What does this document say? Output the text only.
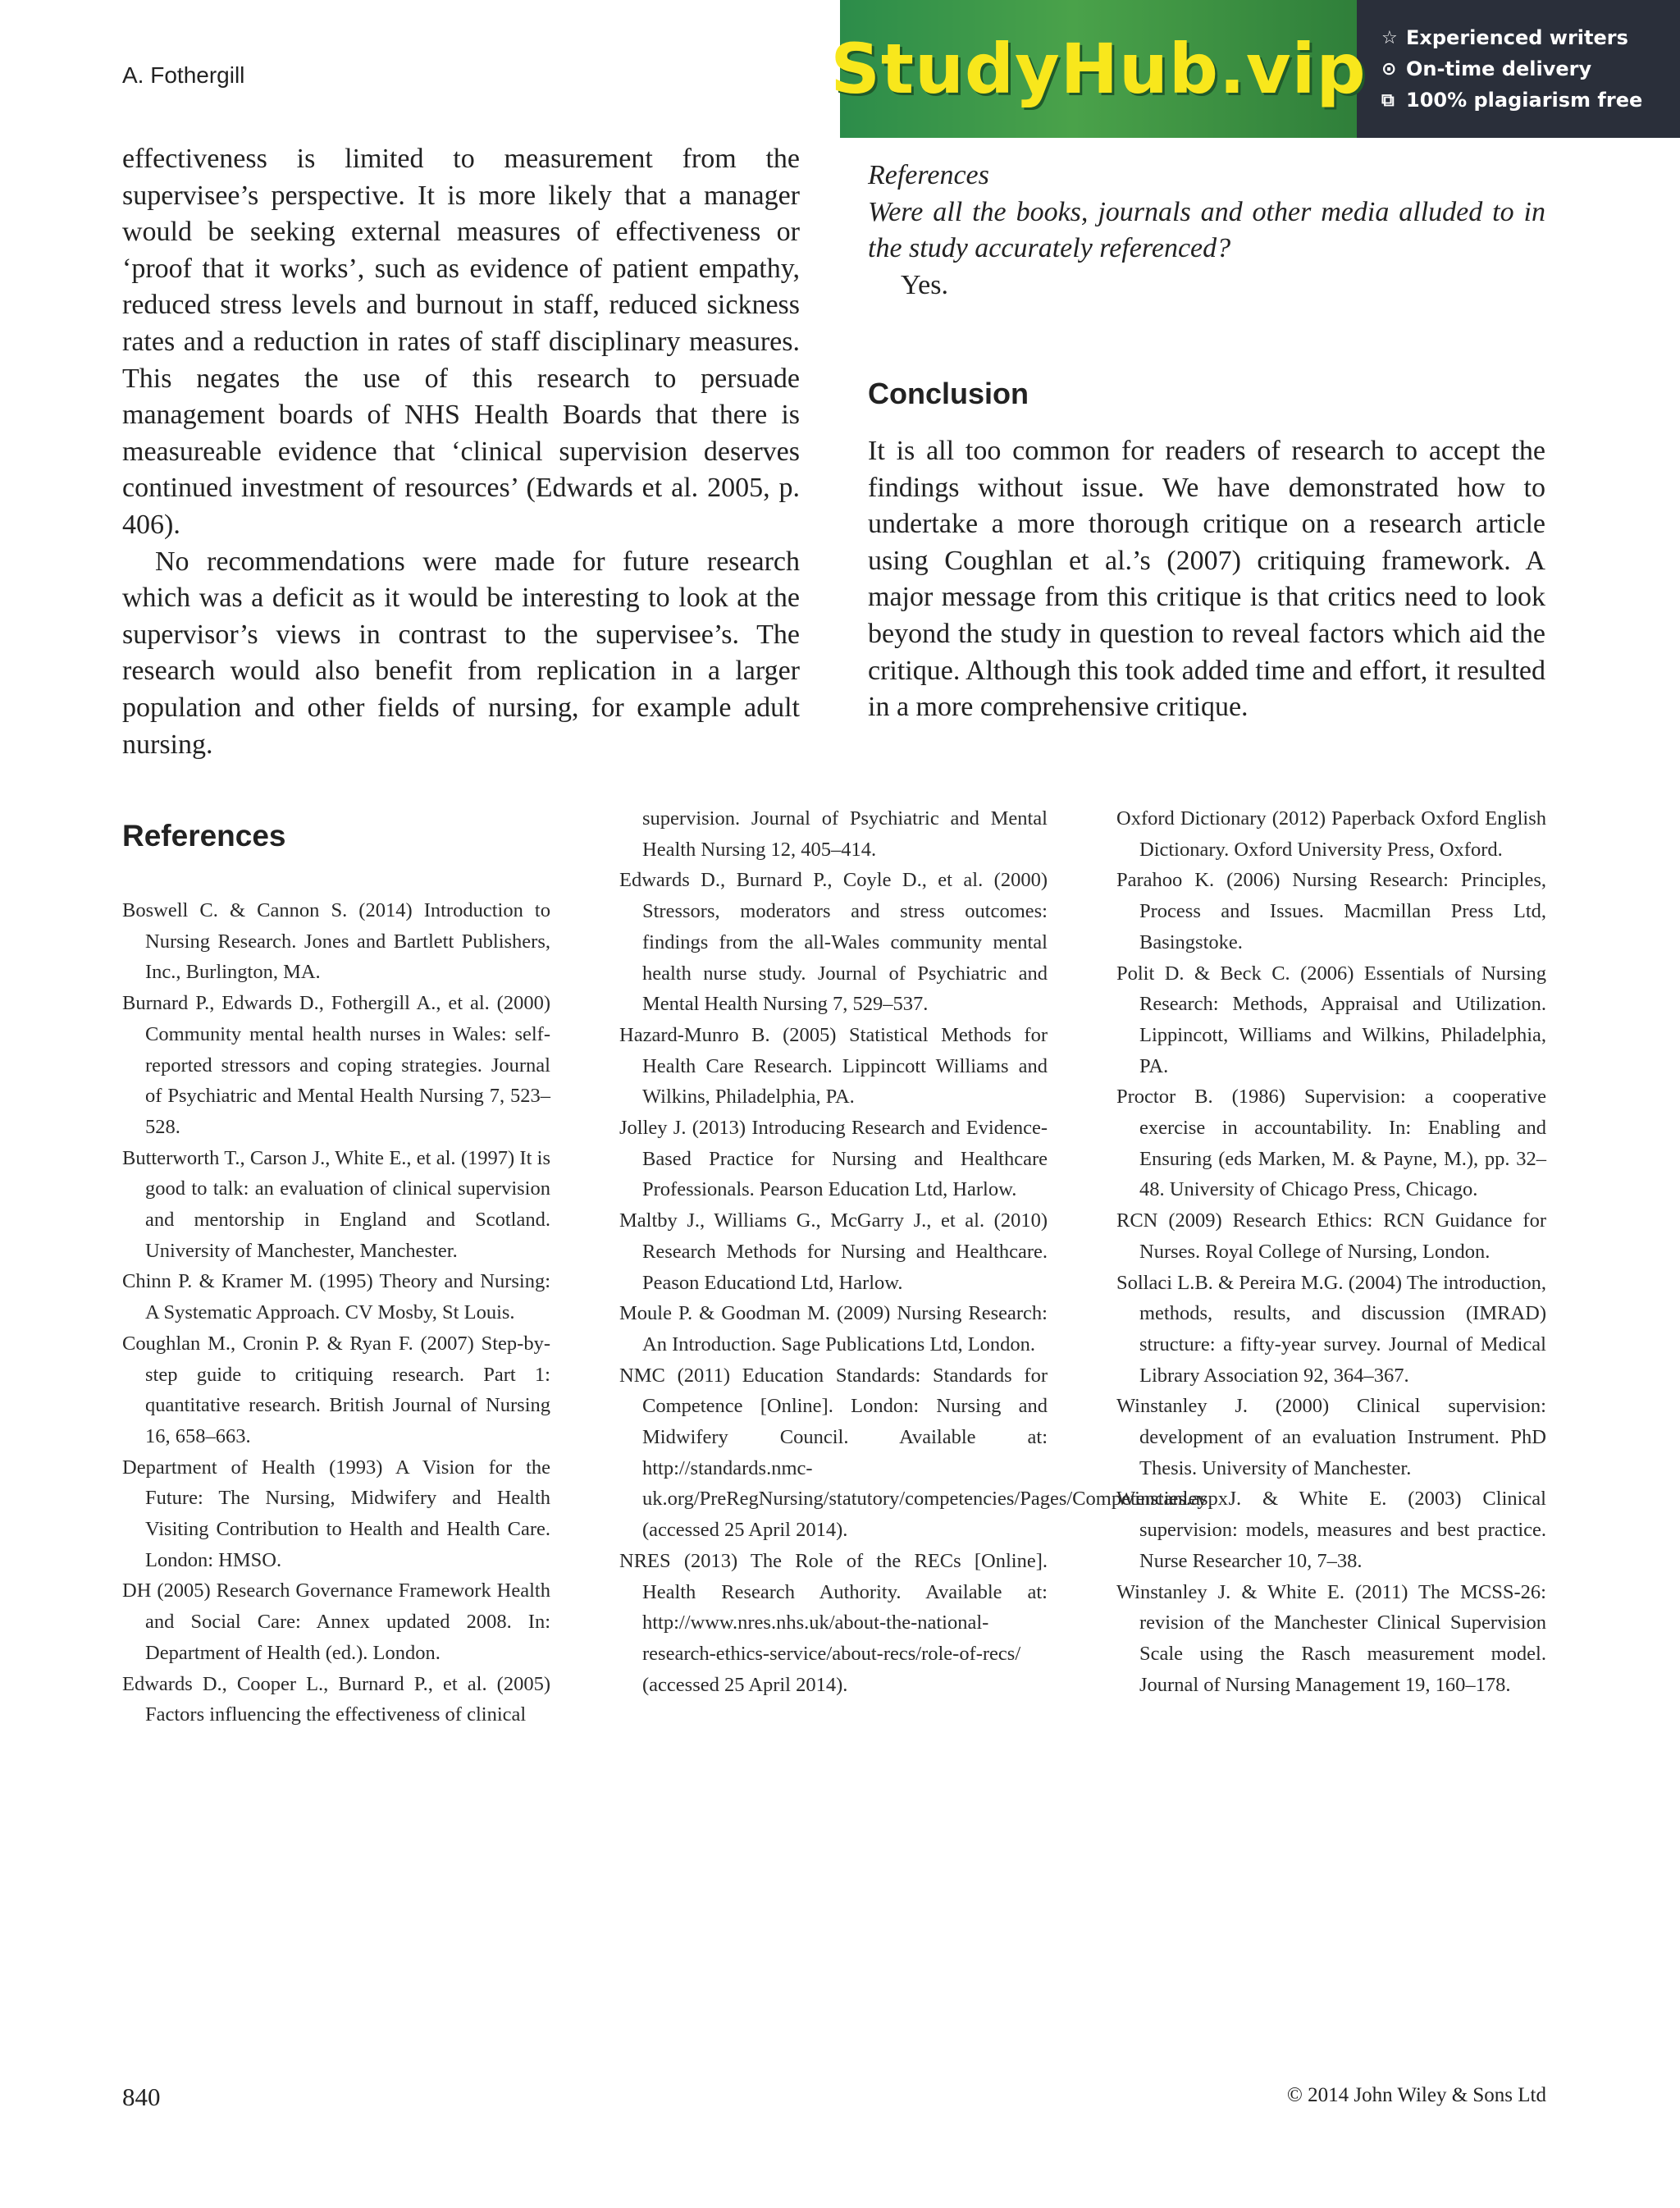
A. Fothergill	StudyHub.vip ☆ Experienced writers
⊙ On-time delivery
⧉ 100% plagiarism free

effectiveness is limited to measurement from the supervisee’s perspective. It is more likely that a manager would be seeking external measures of effectiveness or ‘proof that it works’, such as evidence of patient empathy, reduced stress levels and burnout in staff, reduced sickness rates and a reduction in rates of staff disciplinary measures. This negates the use of this research to persuade management boards of NHS Health Boards that there is measureable evidence that ‘clinical supervision deserves continued investment of resources’ (Edwards et al. 2005, p. 406).

No recommendations were made for future research which was a deficit as it would be interesting to look at the supervisor’s views in contrast to the supervisee’s. The research would also benefit from replication in a larger population and other fields of nursing, for example adult nursing.

References

Were all the books, journals and other media alluded to in the study accurately referenced?

Yes.

Conclusion

It is all too common for readers of research to accept the findings without issue. We have demonstrated how to undertake a more thorough critique on a research article using Coughlan et al.’s (2007) critiquing framework. A major message from this critique is that critics need to look beyond the study in question to reveal factors which aid the critique. Although this took added time and effort, it resulted in a more comprehensive critique.

References

Boswell C. & Cannon S. (2014) Introduction to Nursing Research. Jones and Bartlett Publishers, Inc., Burlington, MA.

Burnard P., Edwards D., Fothergill A., et al. (2000) Community mental health nurses in Wales: self-reported stressors and coping strategies. Journal of Psychiatric and Mental Health Nursing 7, 523–528.

Butterworth T., Carson J., White E., et al. (1997) It is good to talk: an evaluation of clinical supervision and mentorship in England and Scotland. University of Manchester, Manchester.

Chinn P. & Kramer M. (1995) Theory and Nursing: A Systematic Approach. CV Mosby, St Louis.

Coughlan M., Cronin P. & Ryan F. (2007) Step-by-step guide to critiquing research. Part 1: quantitative research. British Journal of Nursing 16, 658–663.

Department of Health (1993) A Vision for the Future: The Nursing, Midwifery and Health Visiting Contribution to Health and Health Care. London: HMSO.

DH (2005) Research Governance Framework Health and Social Care: Annex updated 2008. In: Department of Health (ed.). London.

Edwards D., Cooper L., Burnard P., et al. (2005) Factors influencing the effectiveness of clinical

supervision. Journal of Psychiatric and Mental Health Nursing 12, 405–414.

Edwards D., Burnard P., Coyle D., et al. (2000) Stressors, moderators and stress outcomes: findings from the all-Wales community mental health nurse study. Journal of Psychiatric and Mental Health Nursing 7, 529–537.

Hazard-Munro B. (2005) Statistical Methods for Health Care Research. Lippincott Williams and Wilkins, Philadelphia, PA.

Jolley J. (2013) Introducing Research and Evidence-Based Practice for Nursing and Healthcare Professionals. Pearson Education Ltd, Harlow.

Maltby J., Williams G., McGarry J., et al. (2010) Research Methods for Nursing and Healthcare. Peason Educationd Ltd, Harlow.

Moule P. & Goodman M. (2009) Nursing Research: An Introduction. Sage Publications Ltd, London.

NMC (2011) Education Standards: Standards for Competence [Online]. London: Nursing and Midwifery Council. Available at: http://standards.nmc-uk.org/PreRegNursing/statutory/competencies/Pages/Competencies.aspx (accessed 25 April 2014).

NRES (2013) The Role of the RECs [Online]. Health Research Authority. Available at: http://www.nres.nhs.uk/about-the-national-research-ethics-service/about-recs/role-of-recs/ (accessed 25 April 2014).

Oxford Dictionary (2012) Paperback Oxford English Dictionary. Oxford University Press, Oxford.

Parahoo K. (2006) Nursing Research: Principles, Process and Issues. Macmillan Press Ltd, Basingstoke.

Polit D. & Beck C. (2006) Essentials of Nursing Research: Methods, Appraisal and Utilization. Lippincott, Williams and Wilkins, Philadelphia, PA.

Proctor B. (1986) Supervision: a cooperative exercise in accountability. In: Enabling and Ensuring (eds Marken, M. & Payne, M.), pp. 32–48. University of Chicago Press, Chicago.

RCN (2009) Research Ethics: RCN Guidance for Nurses. Royal College of Nursing, London.

Sollaci L.B. & Pereira M.G. (2004) The introduction, methods, results, and discussion (IMRAD) structure: a fifty-year survey. Journal of Medical Library Association 92, 364–367.

Winstanley J. (2000) Clinical supervision: development of an evaluation Instrument. PhD Thesis. University of Manchester.

Winstanley J. & White E. (2003) Clinical supervision: models, measures and best practice. Nurse Researcher 10, 7–38.

Winstanley J. & White E. (2011) The MCSS-26: revision of the Manchester Clinical Supervision Scale using the Rasch measurement model. Journal of Nursing Management 19, 160–178.

840	© 2014 John Wiley & Sons Ltd
